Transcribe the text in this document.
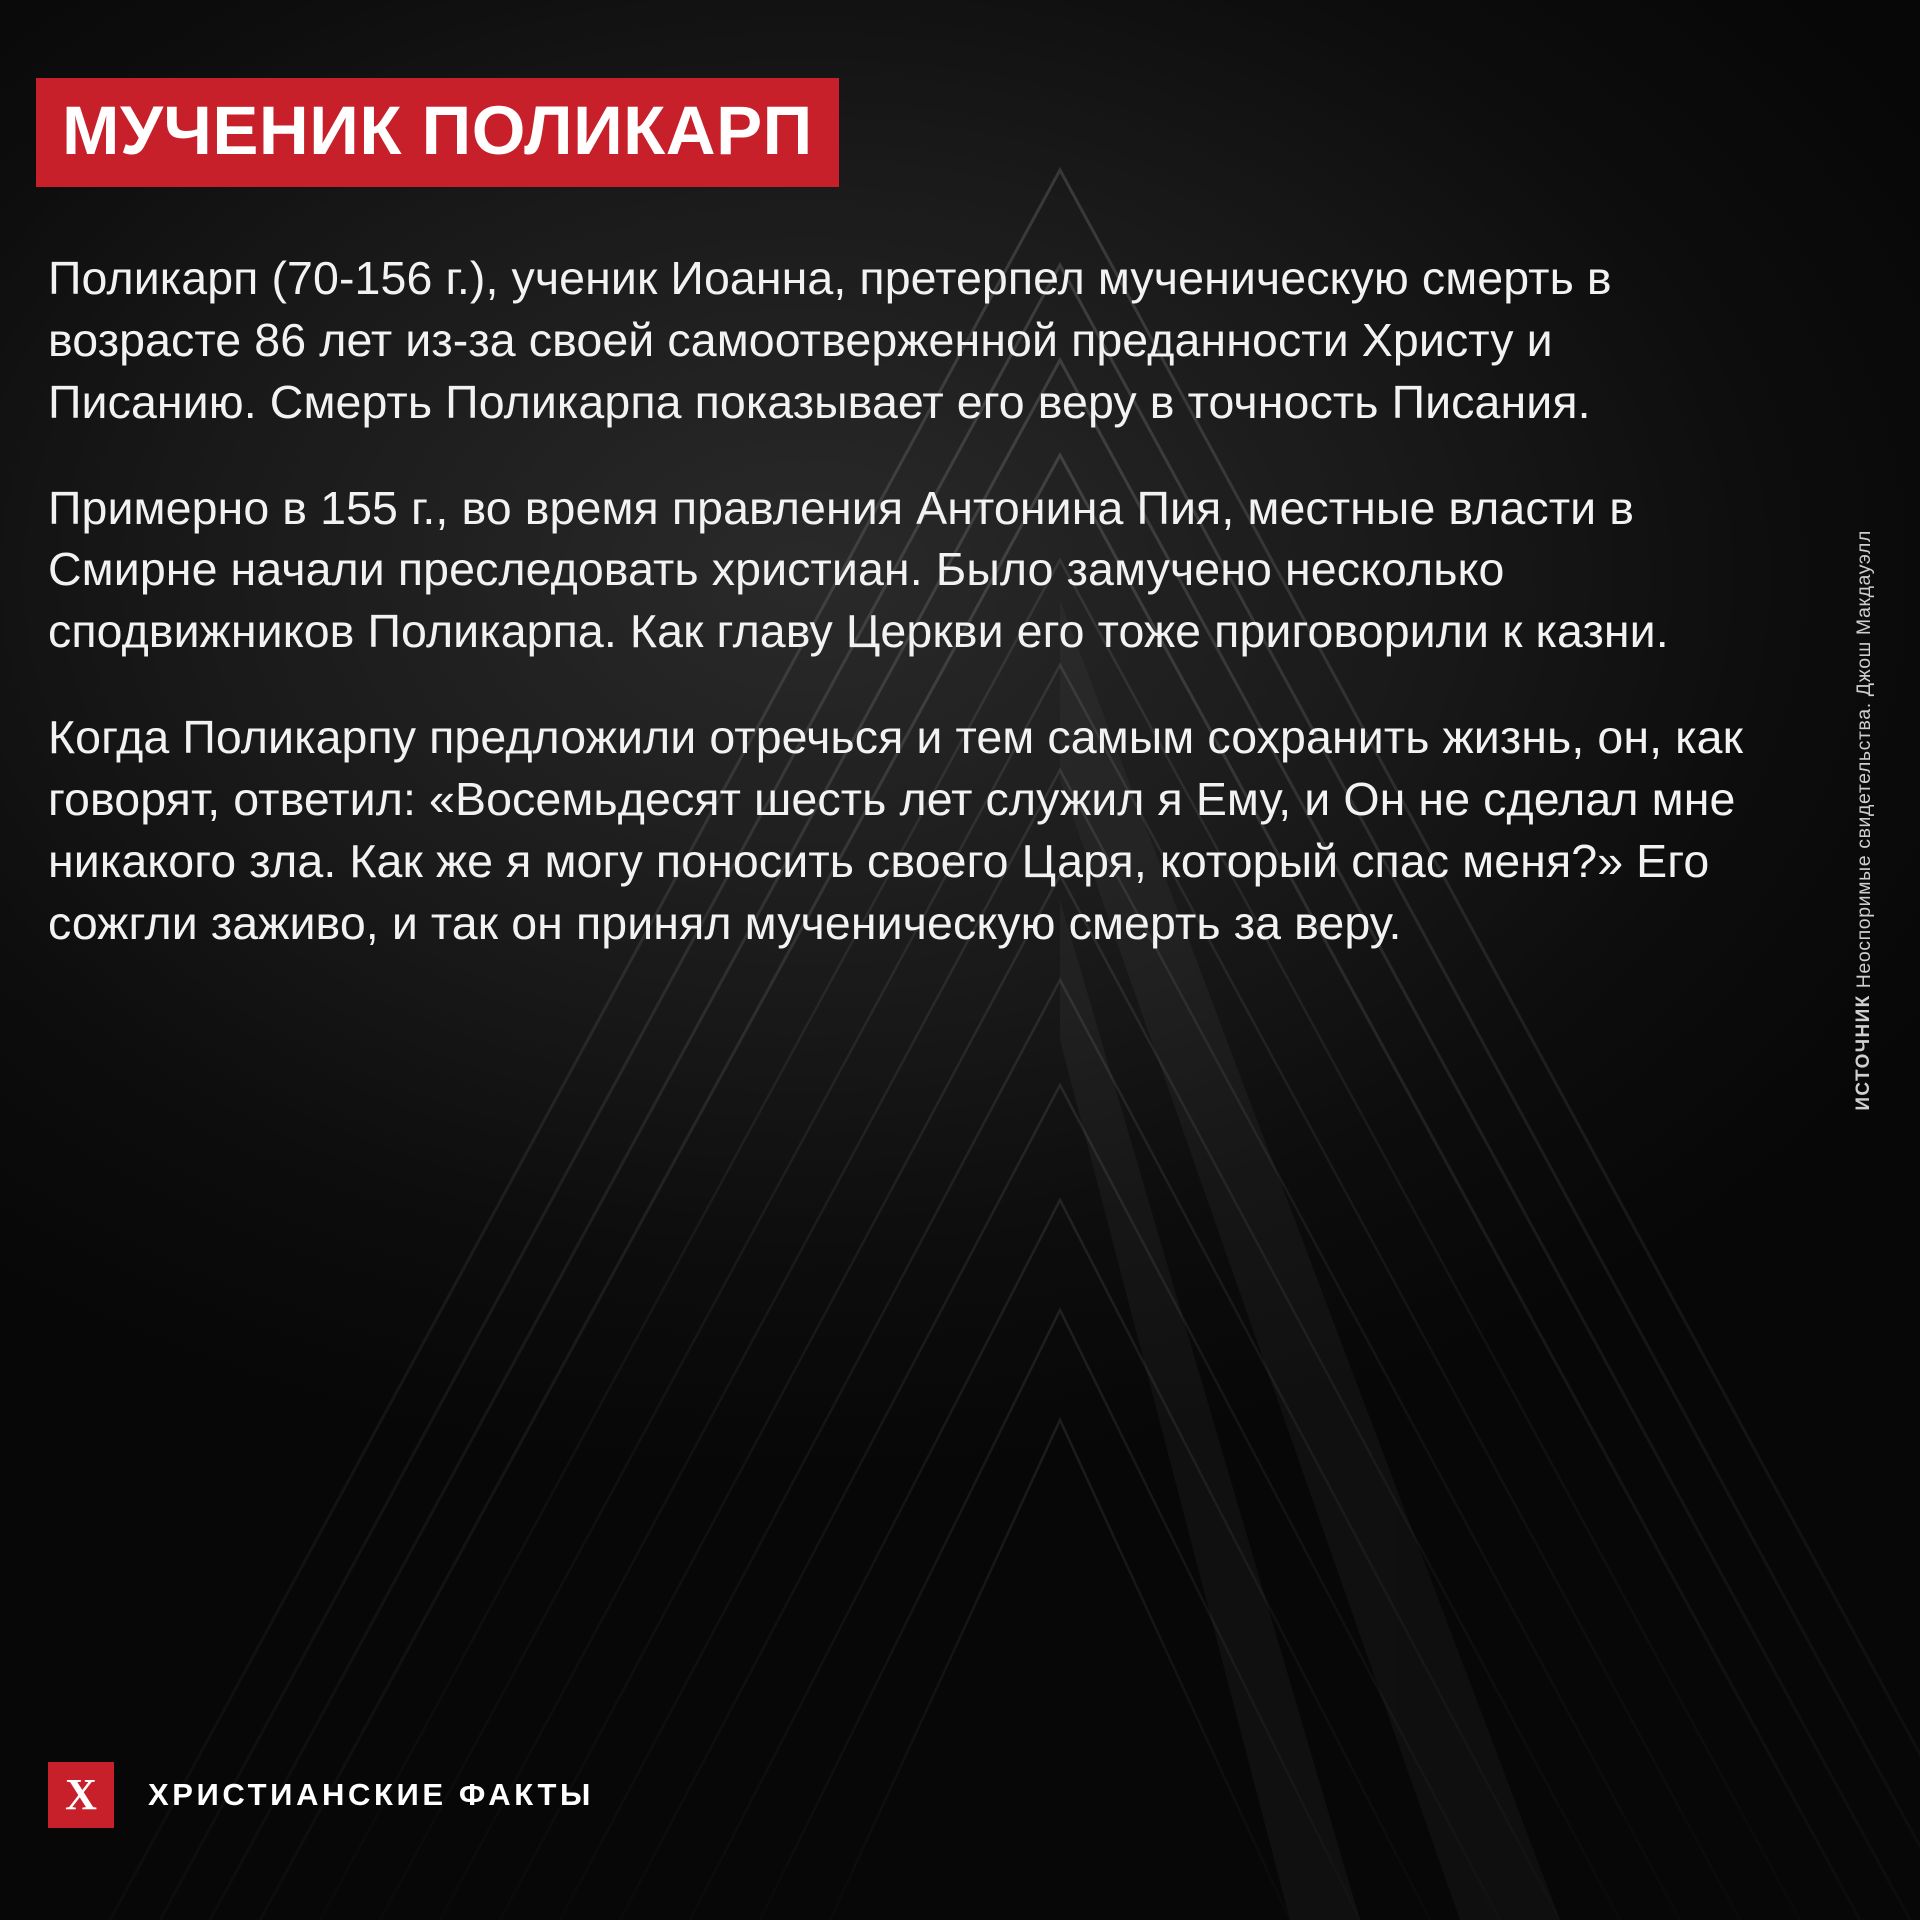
МУЧЕНИК ПОЛИКАРП

Поликарп (70-156 г.), ученик Иоанна, претерпел мученическую смерть в возрасте 86 лет из-за своей самоотверженной преданности Христу и Писанию. Смерть Поликарпа показывает его веру в точность Писания.

Примерно в 155 г., во время правления Антонина Пия, местные власти в Смирне начали преследовать христиан. Было замучено несколько сподвижников Поликарпа. Как главу Церкви его тоже приговорили к казни.

Когда Поликарпу предложили отречься и тем самым сохранить жизнь, он, как говорят, ответил: «Восемьдесят шесть лет служил я Ему, и Он не сделал мне никакого зла. Как же я могу поносить своего Царя, который спас меня?» Его сожгли заживо, и так он принял мученическую смерть за веру.

ИСТОЧНИК Неоспоримые свидетельства. Джош Макдауэлл
X	ХРИСТИАНСКИЕ ФАКТЫ
